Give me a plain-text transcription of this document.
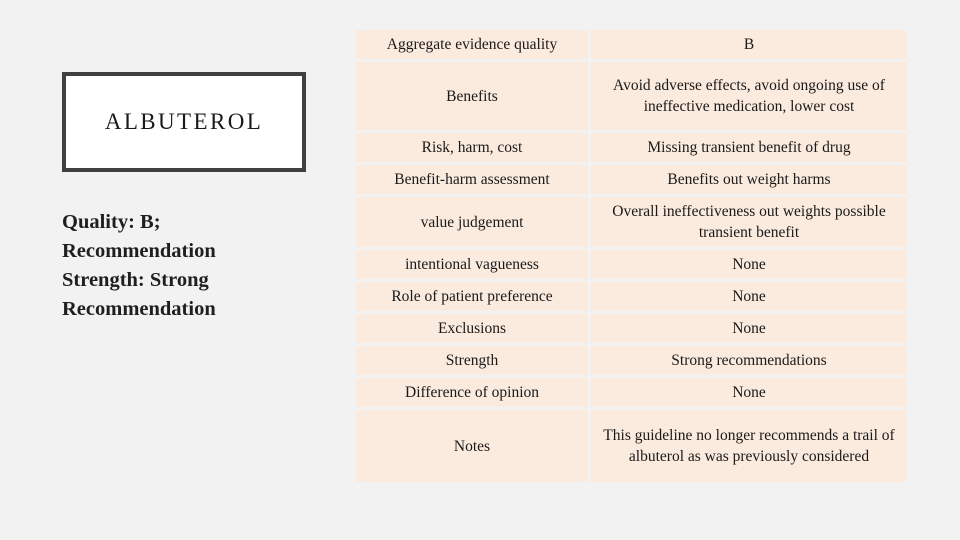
ALBUTEROL
Quality: B;
Recommendation
Strength: Strong
Recommendation
Aggregate evidence quality	B
Benefits	Avoid adverse effects, avoid ongoing use of ineffective medication, lower cost
Risk, harm, cost	Missing transient benefit of drug
Benefit-harm assessment	Benefits out weight harms
value judgement	Overall ineffectiveness out weights possible transient benefit
intentional vagueness	None
Role of patient preference	None
Exclusions	None
Strength	Strong recommendations
Difference of opinion	None
Notes	This guideline no longer recommends a trail of albuterol as was previously considered
